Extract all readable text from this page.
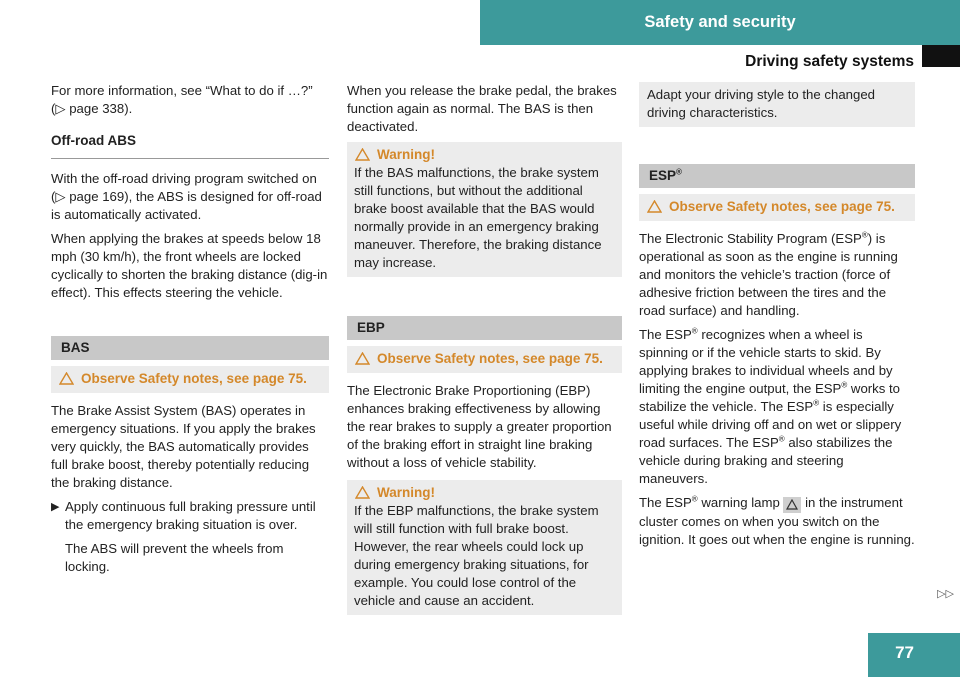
Safety and security
Driving safety systems

For more information, see “What to do if …?” (▷ page 338).

Off-road ABS

With the off-road driving program switched on (▷ page 169), the ABS is designed for off-road is automatically activated.

When applying the brakes at speeds below 18 mph (30 km/h), the front wheels are locked cyclically to shorten the braking distance (dig-in effect). This effects steering the vehicle.

BAS
Observe Safety notes, see page 75.

The Brake Assist System (BAS) operates in emergency situations. If you apply the brakes very quickly, the BAS automatically provides full brake boost, thereby potentially reducing the braking distance.

▶ Apply continuous full braking pressure until the emergency braking situation is over.

The ABS will prevent the wheels from locking.

When you release the brake pedal, the brakes function again as normal. The BAS is then deactivated.

Warning!
If the BAS malfunctions, the brake system still functions, but without the additional brake boost available that the BAS would normally provide in an emergency braking maneuver. Therefore, the braking distance may increase.
EBP
Observe Safety notes, see page 75.

The Electronic Brake Proportioning (EBP) enhances braking effectiveness by allowing the rear brakes to supply a greater proportion of the braking effort in straight line braking without a loss of vehicle stability.

Warning!
If the EBP malfunctions, the brake system will still function with full brake boost. However, the rear wheels could lock up during emergency braking situations, for example. You could lose control of the vehicle and cause an accident.
Adapt your driving style to the changed driving characteristics.
ESP®
Observe Safety notes, see page 75.

The Electronic Stability Program (ESP®) is operational as soon as the engine is running and monitors the vehicle’s traction (force of adhesive friction between the tires and the road surface) and handling.

The ESP® recognizes when a wheel is spinning or if the vehicle starts to skid. By applying brakes to individual wheels and by limiting the engine output, the ESP® works to stabilize the vehicle. The ESP® is especially useful while driving off and on wet or slippery road surfaces. The ESP® also stabilizes the vehicle during braking and steering maneuvers.

The ESP® warning lamp  in the instrument cluster comes on when you switch on the ignition. It goes out when the engine is running.

▷▷
77
